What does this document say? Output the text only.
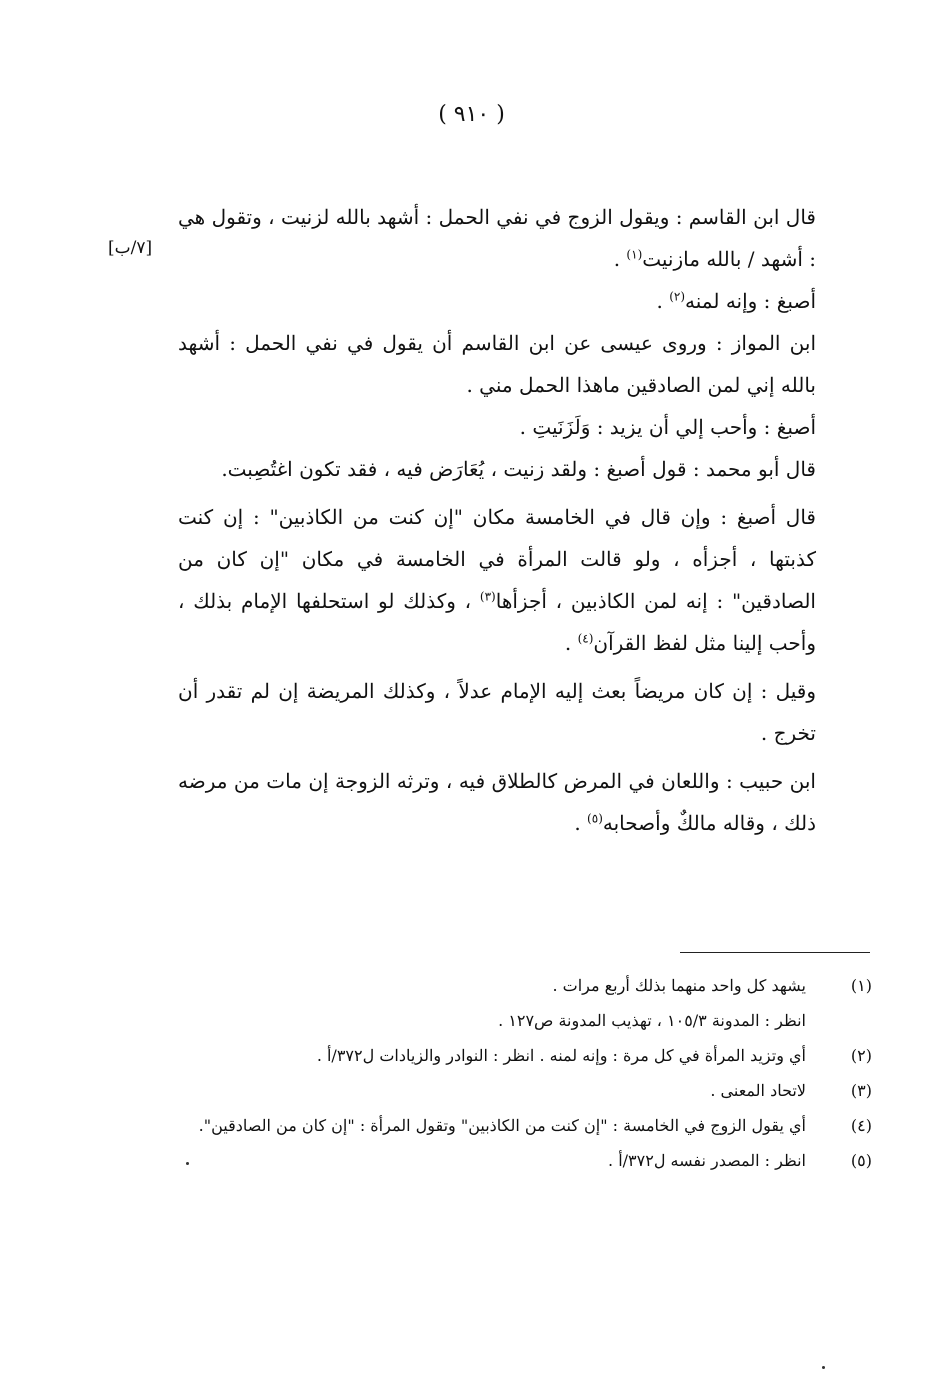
( ٩١٠ )
[٧/ب]

قال ابن القاسم : ويقول الزوج في نفي الحمل : أشهد بالله لزنيت ، وتقول هي : أشهد / بالله مازنيت$^{(١)}$ .

أصبغ : وإنه لمنه$^{(٢)}$ .

ابن المواز : وروى عيسى عن ابن القاسم أن يقول في نفي الحمل : أشهد بالله إني لمن الصادقين ماهذا الحمل مني .

أصبغ : وأحب إلي أن يزيد : وَلَزَنَيتِ .

قال أبو محمد : قول أصبغ : ولقد زنيت ، يُعَارَض فيه ، فقد تكون اغتُصِبت.

قال أصبغ : وإن قال في الخامسة مكان "إن كنت من الكاذبين" : إن كنت كذبتها ، أجزأه ، ولو قالت المرأة في الخامسة في مكان "إن كان من الصادقين" : إنه لمن الكاذبين ، أجزأها$^{(٣)}$ ، وكذلك لو استحلفها الإمام بذلك ، وأحب إلينا مثل لفظ القرآن$^{(٤)}$ .

وقيل : إن كان مريضاً بعث إليه الإمام عدلاً ، وكذلك المريضة إن لم تقدر أن تخرج .

ابن حبيب : واللعان في المرض كالطلاق فيه ، وترثه الزوجة إن مات من مرضه ذلك ، وقاله مالكٌ وأصحابه$^{(٥)}$ .

(١)
يشهد كل واحد منهما بذلك أربع مرات .
انظر : المدونة ١٠٥/٣ ، تهذيب المدونة ص١٢٧ .
(٢)
أي وتزيد المرأة في كل مرة : وإنه لمنه . انظر : النوادر والزيادات ل٣٧٢/أ .
(٣)
لاتحاد المعنى .
(٤)
أي يقول الزوج في الخامسة : "إن كنت من الكاذبين" وتقول المرأة : "إن كان من الصادقين".
(٥)
انظر : المصدر نفسه ل٣٧٢/أ .
